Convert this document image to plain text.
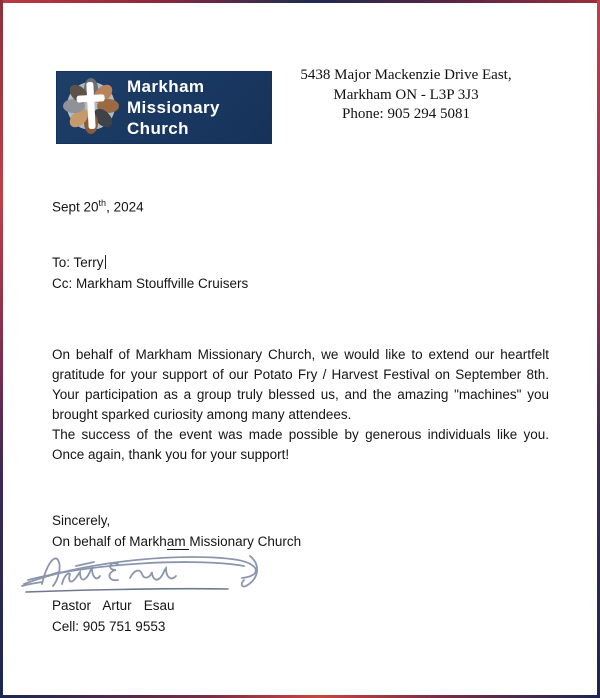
Markham
Missionary
Church
5438 Major Mackenzie Drive East,
Markham ON - L3P 3J3
Phone: 905 294 5081
Sept 20th, 2024
To: Terry
Cc: Markham Stouffville Cruisers

On behalf of Markham Missionary Church, we would like to extend our heartfelt gratitude for your support of our Potato Fry / Harvest Festival on September 8th. Your participation as a group truly blessed us, and the amazing "machines" you brought sparked curiosity among many attendees.

The success of the event was made possible by generous individuals like you. Once again, thank you for your support!

Sincerely,
On behalf of Markham Missionary Church
Pastor Artur Esau
Cell: 905 751 9553
